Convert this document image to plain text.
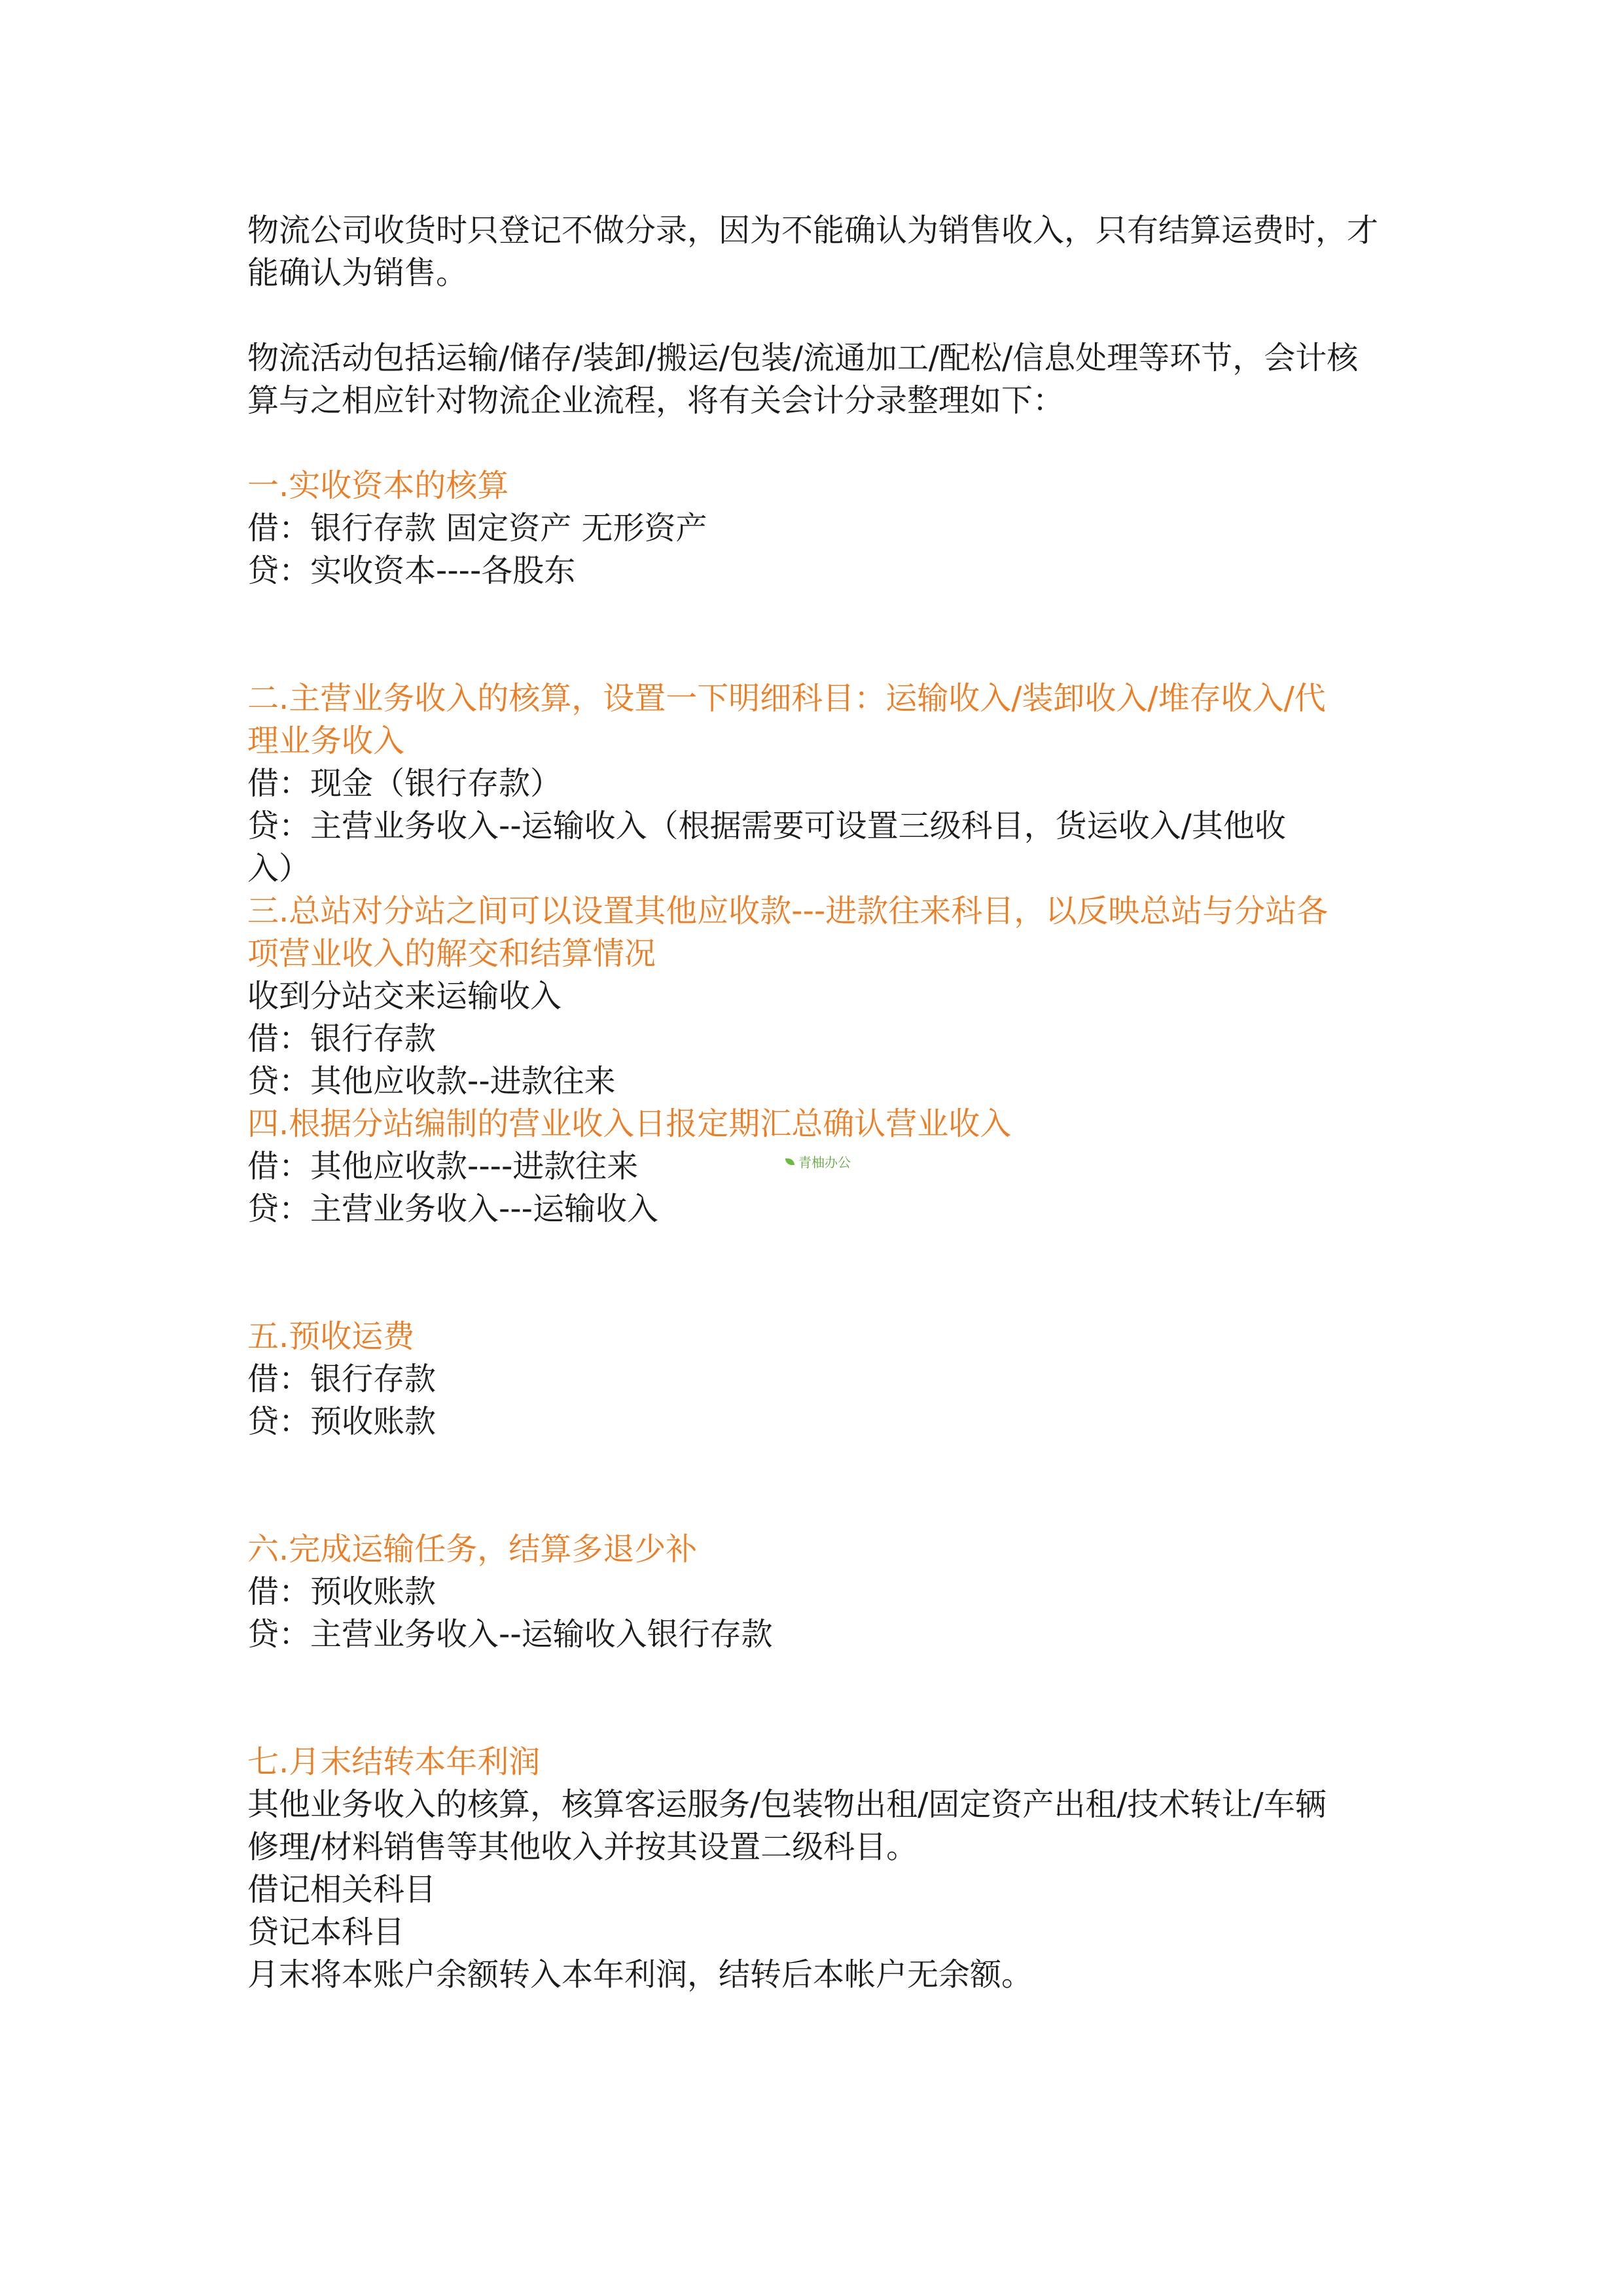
物流公司收货时只登记不做分录，因为不能确认为销售收入，只有结算运费时，才
能确认为销售。
物流活动包括运输/储存/装卸/搬运/包装/流通加工/配松/信息处理等环节，会计核
算与之相应针对物流企业流程，将有关会计分录整理如下：
一.实收资本的核算
借：银行存款 固定资产 无形资产
贷：实收资本----各股东
二.主营业务收入的核算，设置一下明细科目：运输收入/装卸收入/堆存收入/代
理业务收入
借：现金（银行存款）
贷：主营业务收入--运输收入（根据需要可设置三级科目，货运收入/其他收
入）
三.总站对分站之间可以设置其他应收款---进款往来科目，以反映总站与分站各
项营业收入的解交和结算情况
收到分站交来运输收入
借：银行存款
贷：其他应收款--进款往来
四.根据分站编制的营业收入日报定期汇总确认营业收入
借：其他应收款----进款往来
贷：主营业务收入---运输收入
五.预收运费
借：银行存款
贷：预收账款
六.完成运输任务，结算多退少补
借：预收账款
贷：主营业务收入--运输收入银行存款
七.月末结转本年利润
其他业务收入的核算，核算客运服务/包装物出租/固定资产出租/技术转让/车辆
修理/材料销售等其他收入并按其设置二级科目。
借记相关科目
贷记本科目
月末将本账户余额转入本年利润，结转后本帐户无余额。
青柚办公
